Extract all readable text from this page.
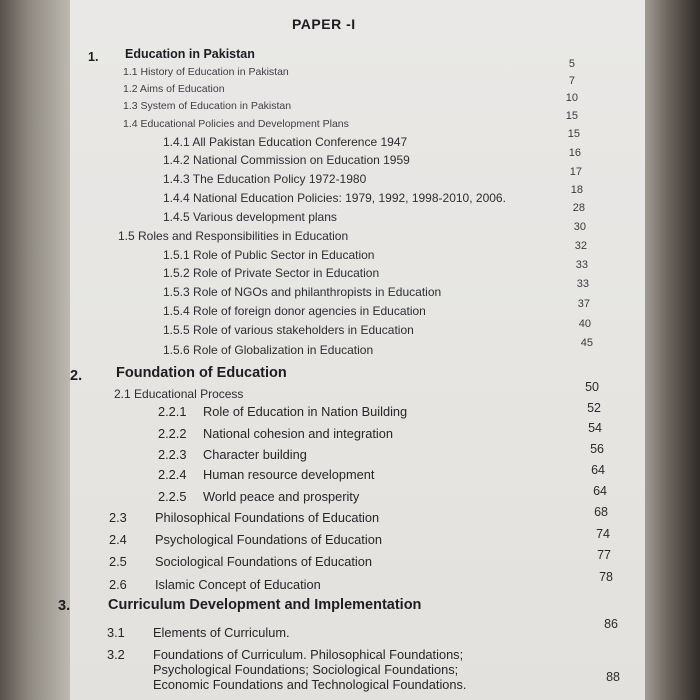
PAPER -I
1. Education in Pakistan
1.1 History of Education in Pakistan
1.2 Aims of Education
1.3 System of Education in Pakistan
1.4 Educational Policies and Development Plans
1.4.1 All Pakistan Education Conference 1947
1.4.2 National Commission on Education 1959
1.4.3 The Education Policy 1972-1980
1.4.4 National Education Policies: 1979, 1992, 1998-2010, 2006.
1.4.5 Various development plans
1.5 Roles and Responsibilities in Education
1.5.1 Role of Public Sector in Education
1.5.2 Role of Private Sector in Education
1.5.3 Role of NGOs and philanthropists in Education
1.5.4 Role of foreign donor agencies in Education
1.5.5 Role of various stakeholders in Education
1.5.6 Role of Globalization in Education
5
7
10
15
15
16
17
18
28
30
32
33
33
37
40
45
2. Foundation of Education
2.1 Educational Process
2.2.1 Role of Education in Nation Building
2.2.2 National cohesion and integration
2.2.3 Character building
2.2.4 Human resource development
2.2.5 World peace and prosperity
2.3 Philosophical Foundations of Education
2.4 Psychological Foundations of Education
2.5 Sociological Foundations of Education
2.6 Islamic Concept of Education
50
52
54
56
64
64
68
74
77
78
3.	Curriculum Development and Implementation
3.1 Elements of Curriculum.
3.2 Foundations of Curriculum. Philosophical Foundations;
Psychological Foundations; Sociological Foundations;
Economic Foundations and Technological Foundations.
86
88
